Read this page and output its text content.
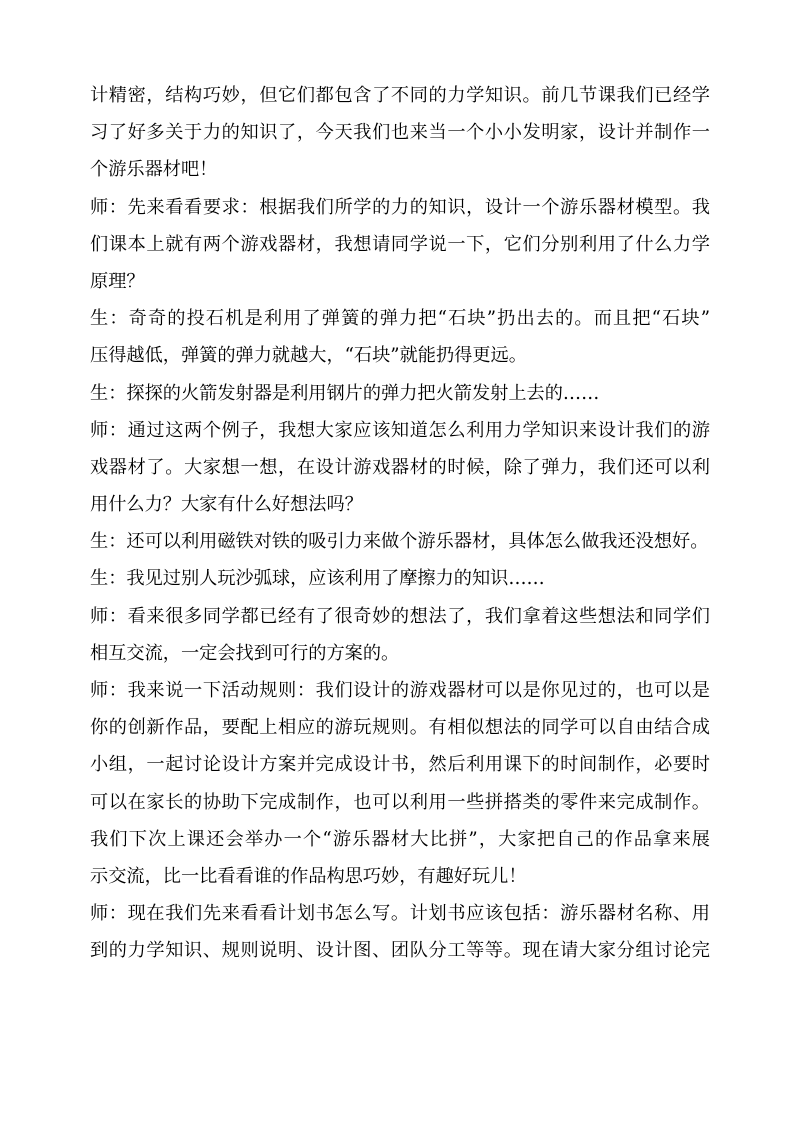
计精密，结构巧妙，但它们都包含了不同的力学知识。前几节课我们已经学
习了好多关于力的知识了，今天我们也来当一个小小发明家，设计并制作一
个游乐器材吧！
师：先来看看要求：根据我们所学的力的知识，设计一个游乐器材模型。我
们课本上就有两个游戏器材，我想请同学说一下，它们分别利用了什么力学
原理？
生：奇奇的投石机是利用了弹簧的弹力把“石块”扔出去的。而且把“石块”
压得越低，弹簧的弹力就越大，“石块”就能扔得更远。
生：探探的火箭发射器是利用钢片的弹力把火箭发射上去的……
师：通过这两个例子，我想大家应该知道怎么利用力学知识来设计我们的游
戏器材了。大家想一想，在设计游戏器材的时候，除了弹力，我们还可以利
用什么力？大家有什么好想法吗？
生：还可以利用磁铁对铁的吸引力来做个游乐器材，具体怎么做我还没想好。
生：我见过别人玩沙弧球，应该利用了摩擦力的知识……
师：看来很多同学都已经有了很奇妙的想法了，我们拿着这些想法和同学们
相互交流，一定会找到可行的方案的。
师：我来说一下活动规则：我们设计的游戏器材可以是你见过的，也可以是
你的创新作品，要配上相应的游玩规则。有相似想法的同学可以自由结合成
小组，一起讨论设计方案并完成设计书，然后利用课下的时间制作，必要时
可以在家长的协助下完成制作，也可以利用一些拼搭类的零件来完成制作。
我们下次上课还会举办一个“游乐器材大比拼”，大家把自己的作品拿来展
示交流，比一比看看谁的作品构思巧妙，有趣好玩儿！
师：现在我们先来看看计划书怎么写。计划书应该包括：游乐器材名称、用
到的力学知识、规则说明、设计图、团队分工等等。现在请大家分组讨论完
